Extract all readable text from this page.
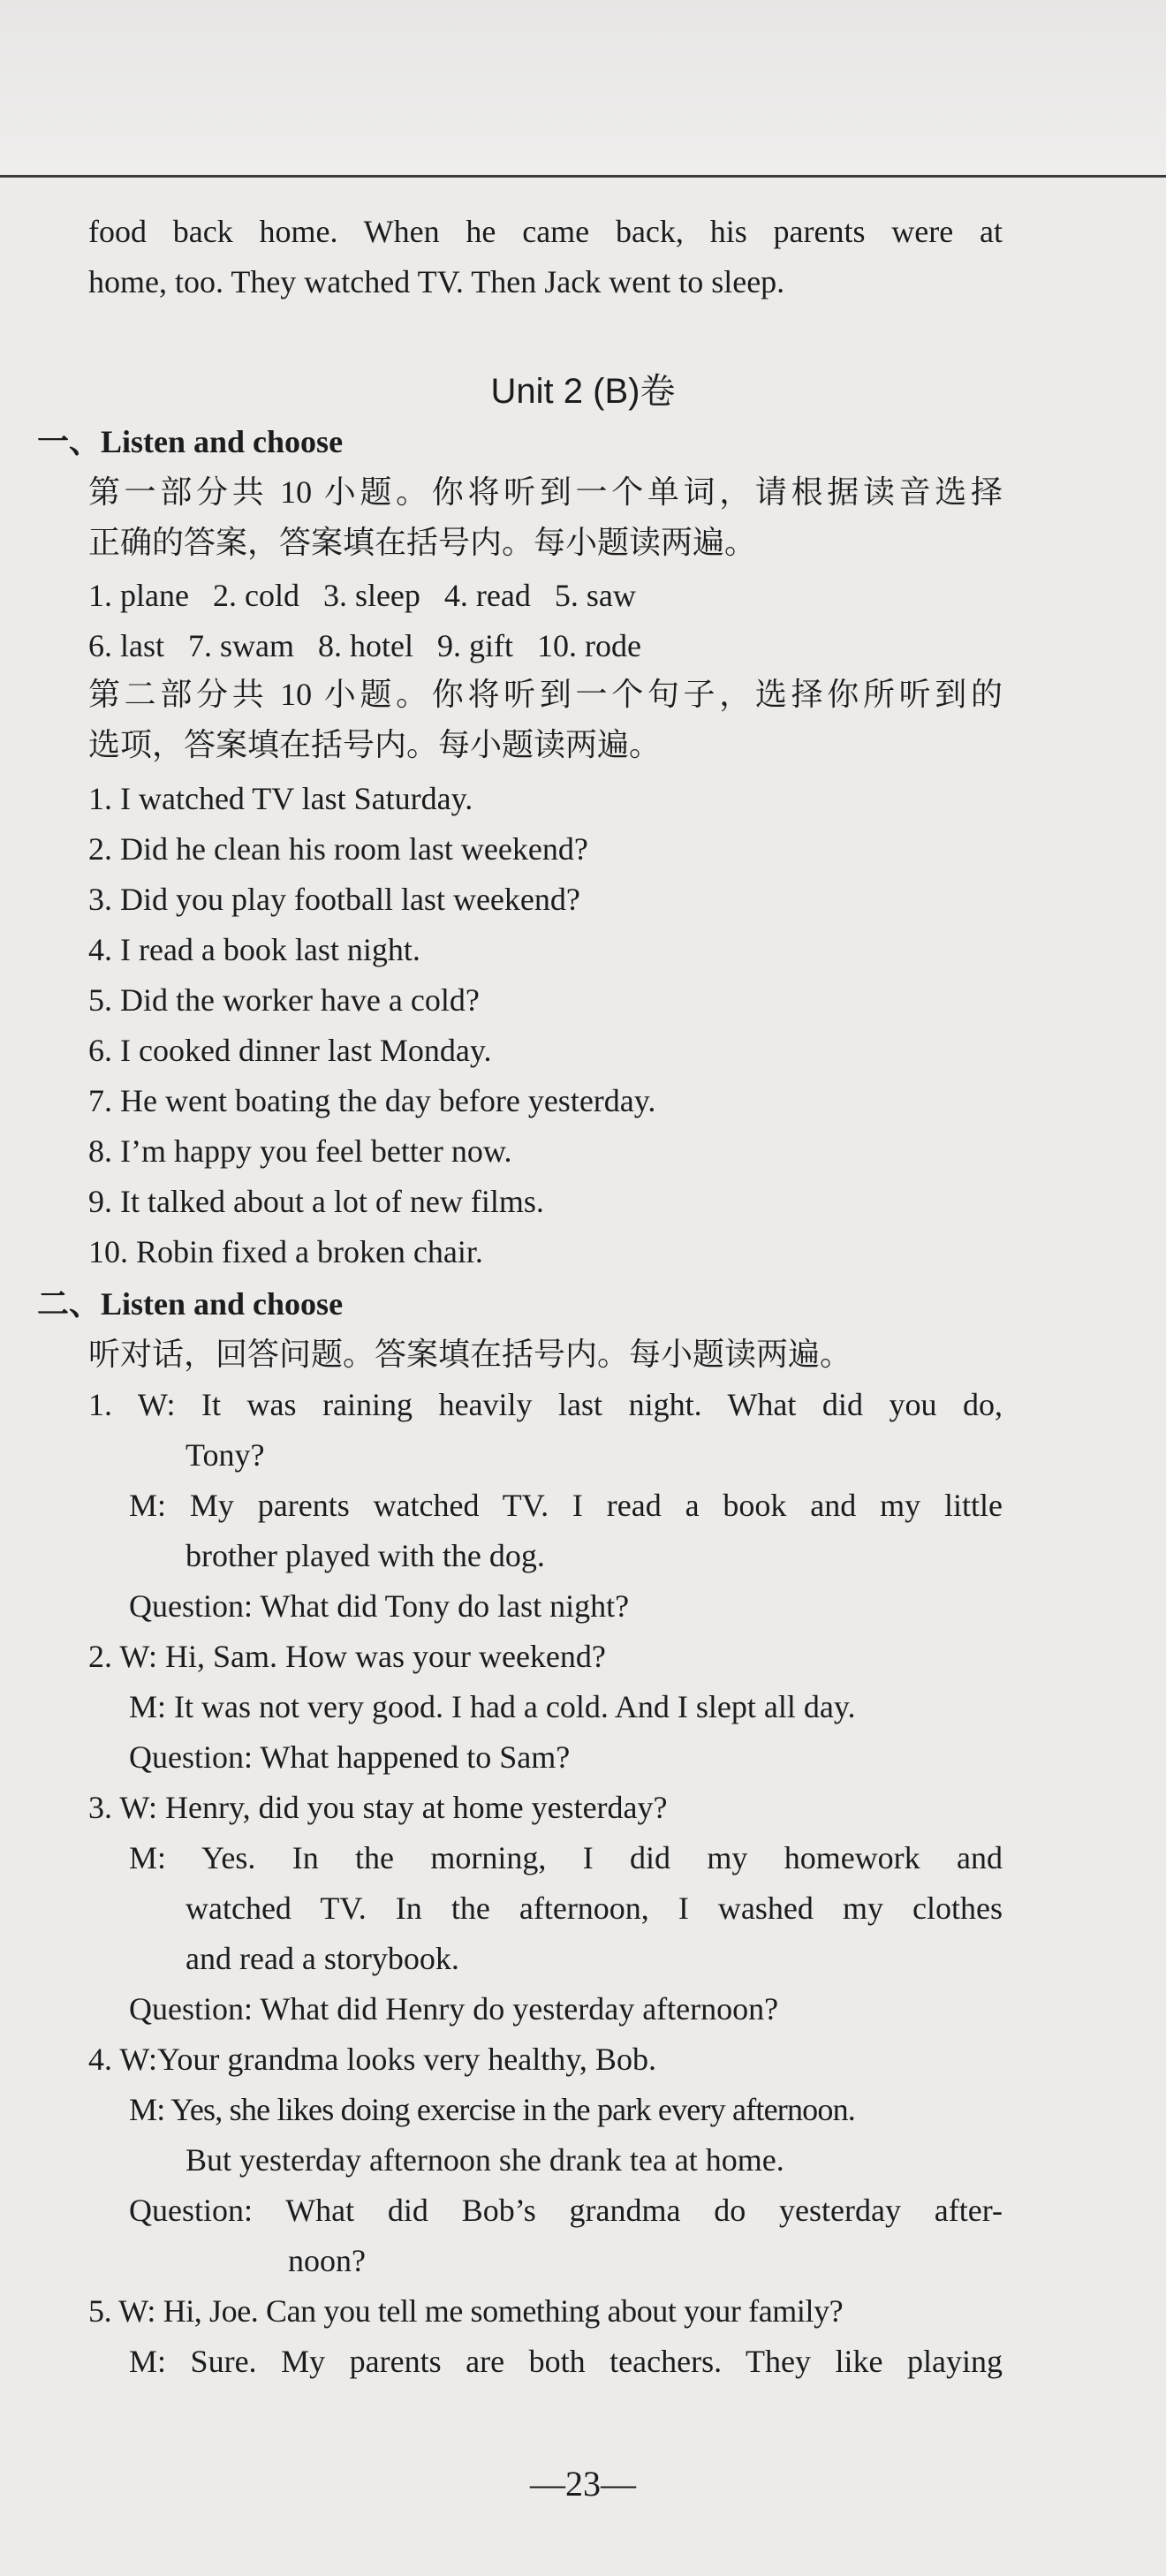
food back home. When he came back, his parents were at
home, too. They watched TV. Then Jack went to sleep.
Unit 2 (B)卷
一、Listen and choose
第一部分共 10 小题。你将听到一个单词，请根据读音选择
正确的答案，答案填在括号内。每小题读两遍。
1. plane   2. cold   3. sleep   4. read   5. saw
6. last   7. swam   8. hotel   9. gift   10. rode
第二部分共 10 小题。你将听到一个句子，选择你所听到的
选项，答案填在括号内。每小题读两遍。
1. I watched TV last Saturday.
2. Did he clean his room last weekend?
3. Did you play football last weekend?
4. I read a book last night.
5. Did the worker have a cold?
6. I cooked dinner last Monday.
7. He went boating the day before yesterday.
8. I’m happy you feel better now.
9. It talked about a lot of new films.
10. Robin fixed a broken chair.
二、Listen and choose
听对话，回答问题。答案填在括号内。每小题读两遍。
1. W: It was raining heavily last night. What did you do,
Tony?
M: My parents watched TV. I read a book and my little
brother played with the dog.
Question: What did Tony do last night?
2. W: Hi, Sam. How was your weekend?
M: It was not very good. I had a cold. And I slept all day.
Question: What happened to Sam?
3. W: Henry, did you stay at home yesterday?
M: Yes. In the morning, I did my homework and
watched TV. In the afternoon, I washed my clothes
and read a storybook.
Question: What did Henry do yesterday afternoon?
4. W:Your grandma looks very healthy, Bob.
M: Yes, she likes doing exercise in the park every afternoon.
But yesterday afternoon she drank tea at home.
Question: What did Bob’s grandma do yesterday after-
noon?
5. W: Hi, Joe. Can you tell me something about your family?
M: Sure. My parents are both teachers. They like playing
—23—
